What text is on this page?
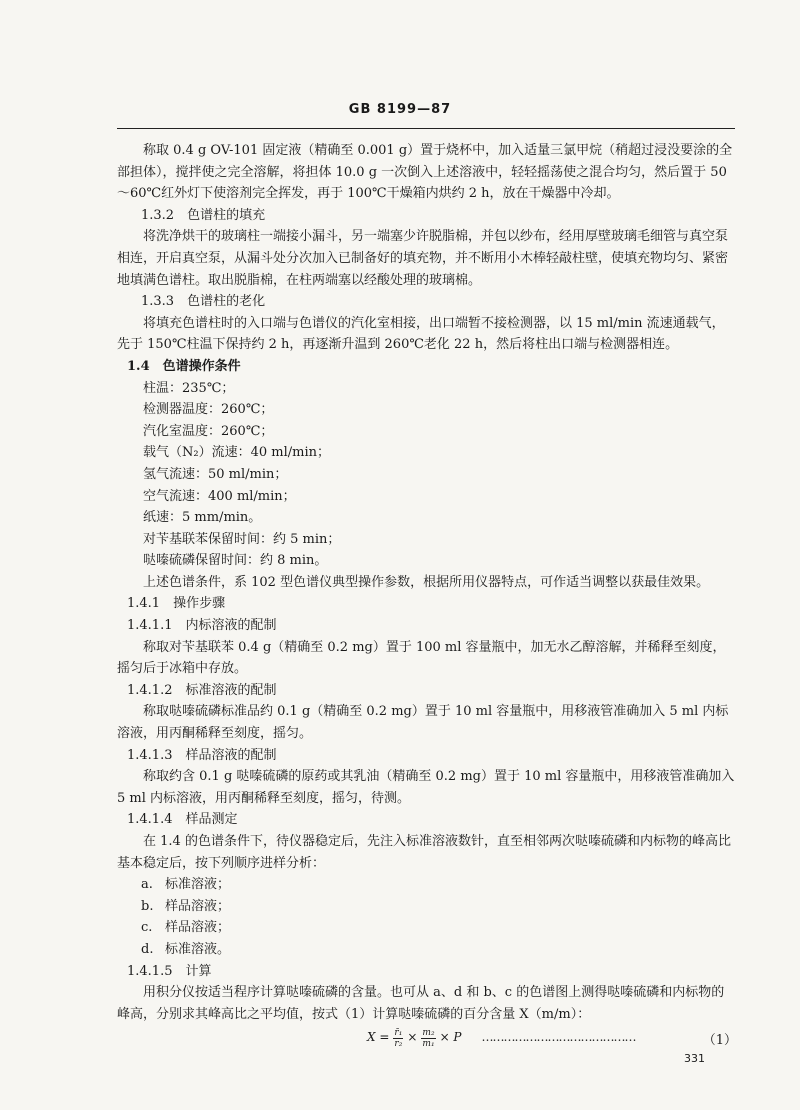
GB 8199—87

称取 0.4 g OV-101 固定液（精确至 0.001 g）置于烧杯中，加入适量三氯甲烷（稍超过浸没要涂的全部担体），搅拌使之完全溶解，将担体 10.0 g 一次倒入上述溶液中，轻轻摇荡使之混合均匀，然后置于 50～60℃红外灯下使溶剂完全挥发，再于 100℃干燥箱内烘约 2 h，放在干燥器中冷却。

1.3.2　色谱柱的填充

将洗净烘干的玻璃柱一端接小漏斗，另一端塞少许脱脂棉，并包以纱布，经用厚壁玻璃毛细管与真空泵相连，开启真空泵，从漏斗处分次加入已制备好的填充物，并不断用小木棒轻敲柱壁，使填充物均匀、紧密地填满色谱柱。取出脱脂棉，在柱两端塞以经酸处理的玻璃棉。

1.3.3　色谱柱的老化

将填充色谱柱时的入口端与色谱仪的汽化室相接，出口端暂不接检测器，以 15 ml/min 流速通载气，先于 150℃柱温下保持约 2 h，再逐渐升温到 260℃老化 22 h，然后将柱出口端与检测器相连。

1.4　色谱操作条件

柱温：235℃；

检测器温度：260℃；

汽化室温度：260℃；

载气（N₂）流速：40 ml/min；

氢气流速：50 ml/min；

空气流速：400 ml/min；

纸速：5 mm/min。

对苄基联苯保留时间：约 5 min；

哒嗪硫磷保留时间：约 8 min。

上述色谱条件，系 102 型色谱仪典型操作参数，根据所用仪器特点，可作适当调整以获最佳效果。

1.4.1　操作步骤

1.4.1.1　内标溶液的配制

称取对苄基联苯 0.4 g（精确至 0.2 mg）置于 100 ml 容量瓶中，加无水乙醇溶解，并稀释至刻度，摇匀后于冰箱中存放。

1.4.1.2　标准溶液的配制

称取哒嗪硫磷标准品约 0.1 g（精确至 0.2 mg）置于 10 ml 容量瓶中，用移液管准确加入 5 ml 内标溶液，用丙酮稀释至刻度，摇匀。

1.4.1.3　样品溶液的配制

称取约含 0.1 g 哒嗪硫磷的原药或其乳油（精确至 0.2 mg）置于 10 ml 容量瓶中，用移液管准确加入 5 ml 内标溶液，用丙酮稀释至刻度，摇匀，待测。

1.4.1.4　样品测定

在 1.4 的色谱条件下，待仪器稳定后，先注入标准溶液数针，直至相邻两次哒嗪硫磷和内标物的峰高比基本稳定后，按下列顺序进样分析：

a. 标准溶液；
b. 样品溶液；
c. 样品溶液；
d. 标准溶液。

1.4.1.5　计算

用积分仪按适当程序计算哒嗪硫磷的含量。也可从 a、d 和 b、c 的色谱图上测得哒嗪硫磷和内标物的峰高，分别求其峰高比之平均值，按式（1）计算哒嗪硫磷的百分含量 X（m/m）：

$X = \frac{\text{r̄₁}}{\text{r₂}} \times \frac{\text{m₂}}{\text{m₁}} \times P$ ……………………………………	（1）
331
